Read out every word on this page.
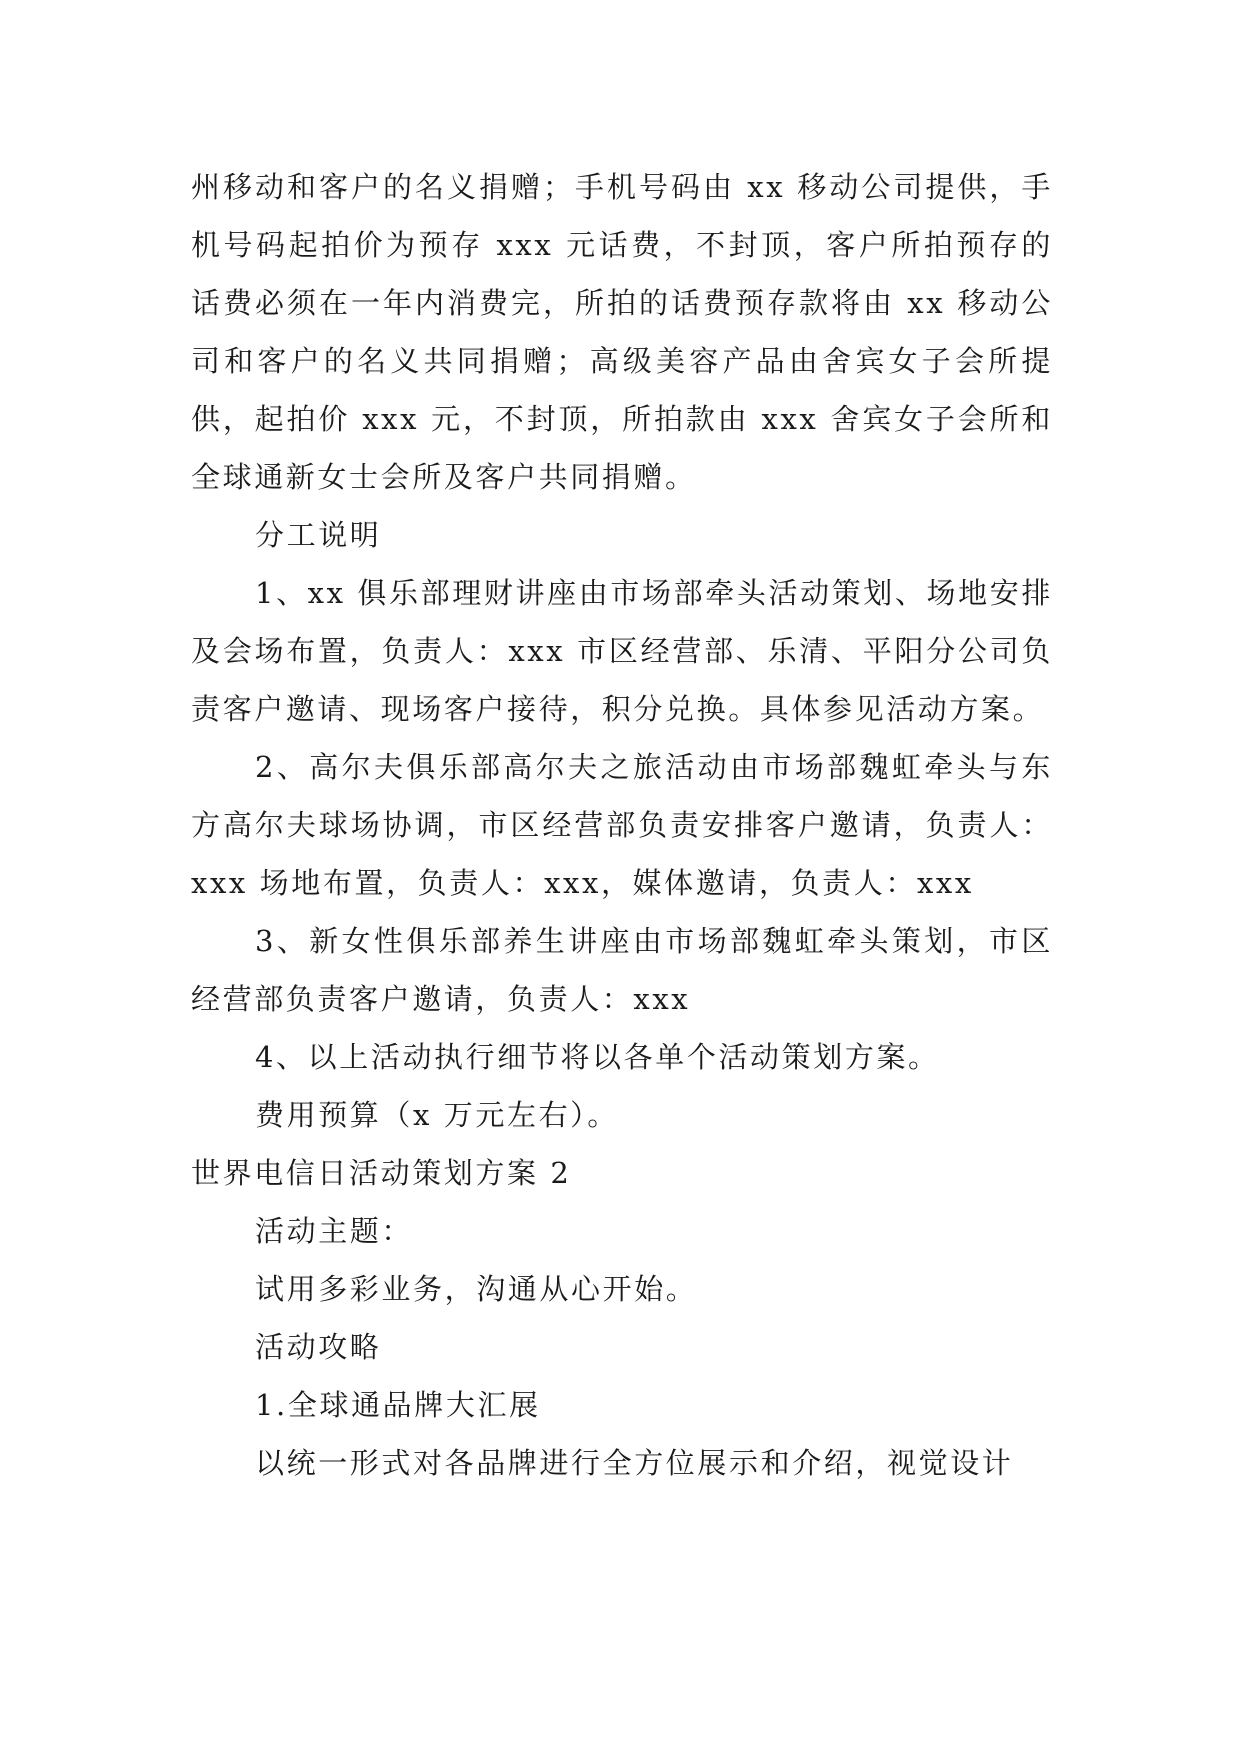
州移动和客户的名义捐赠；手机号码由 xx 移动公司提供，手机号码起拍价为预存 xxx 元话费，不封顶，客户所拍预存的话费必须在一年内消费完，所拍的话费预存款将由 xx 移动公司和客户的名义共同捐赠；高级美容产品由舍宾女子会所提供，起拍价 xxx 元，不封顶，所拍款由 xxx 舍宾女子会所和全球通新女士会所及客户共同捐赠。

分工说明

1、xx 俱乐部理财讲座由市场部牵头活动策划、场地安排及会场布置，负责人：xxx 市区经营部、乐清、平阳分公司负责客户邀请、现场客户接待，积分兑换。具体参见活动方案。

2、高尔夫俱乐部高尔夫之旅活动由市场部魏虹牵头与东方高尔夫球场协调，市区经营部负责安排客户邀请，负责人：xxx 场地布置，负责人：xxx，媒体邀请，负责人：xxx

3、新女性俱乐部养生讲座由市场部魏虹牵头策划，市区经营部负责客户邀请，负责人：xxx

4、以上活动执行细节将以各单个活动策划方案。

费用预算（x 万元左右）。

世界电信日活动策划方案 2

活动主题：

试用多彩业务，沟通从心开始。

活动攻略

1.全球通品牌大汇展

以统一形式对各品牌进行全方位展示和介绍，视觉设计
